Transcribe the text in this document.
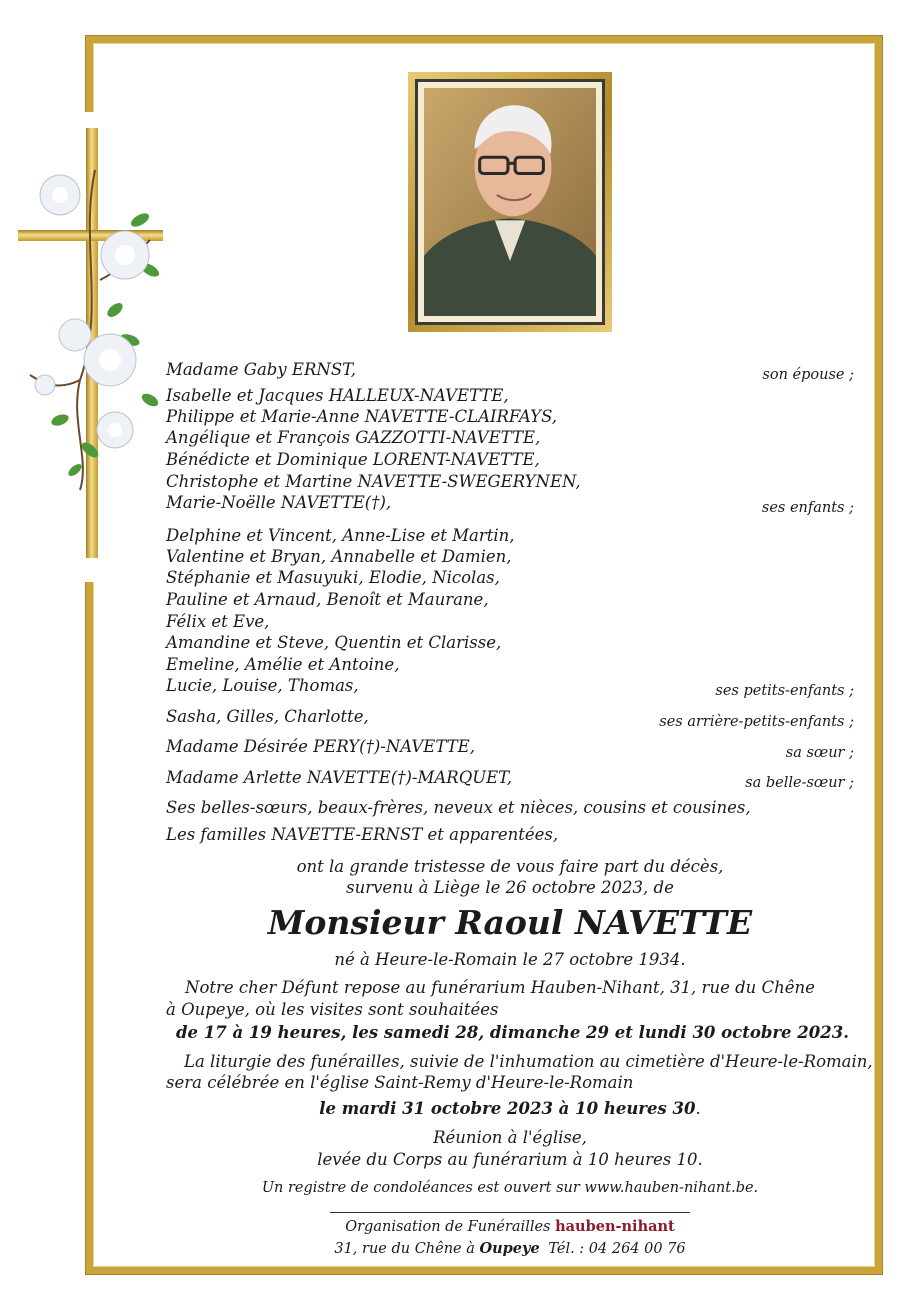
Madame Gaby ERNST,	son épouse ;
Isabelle et Jacques HALLEUX-NAVETTE,
Philippe et Marie-Anne NAVETTE-CLAIRFAYS,
Angélique et François GAZZOTTI-NAVETTE,
Bénédicte et Dominique LORENT-NAVETTE,
Christophe et Martine NAVETTE-SWEGERYNEN,
Marie-Noëlle NAVETTE(†),	ses enfants ;
Delphine et Vincent, Anne-Lise et Martin,
Valentine et Bryan, Annabelle et Damien,
Stéphanie et Masuyuki, Elodie, Nicolas,
Pauline et Arnaud, Benoît et Maurane,
Félix et Eve,
Amandine et Steve, Quentin et Clarisse,
Emeline, Amélie et Antoine,
Lucie, Louise, Thomas,	ses petits-enfants ;
Sasha, Gilles, Charlotte,	ses arrière-petits-enfants ;
Madame Désirée PERY(†)-NAVETTE,	sa sœur ;
Madame Arlette NAVETTE(†)-MARQUET,	sa belle-sœur ;
Ses belles-sœurs, beaux-frères, neveux et nièces, cousins et cousines,
Les familles NAVETTE-ERNST et apparentées,
ont la grande tristesse de vous faire part du décès,
survenu à Liège le 26 octobre 2023, de
Monsieur Raoul NAVETTE
né à Heure-le-Romain le 27 octobre 1934.
Notre cher Défunt repose au funérarium Hauben-Nihant, 31, rue du Chêne
à Oupeye, où les visites sont souhaitées
de 17 à 19 heures, les samedi 28, dimanche 29 et lundi 30 octobre 2023.
La liturgie des funérailles, suivie de l'inhumation au cimetière d'Heure-le-Romain,
sera célébrée en l'église Saint-Remy d'Heure-le-Romain
le mardi 31 octobre 2023 à 10 heures 30.
Réunion à l'église,
levée du Corps au funérarium à 10 heures 10.
Un registre de condoléances est ouvert sur www.hauben-nihant.be.
Organisation de Funérailles hauben-nihant
31, rue du Chêne à Oupeye Tél. : 04 264 00 76
